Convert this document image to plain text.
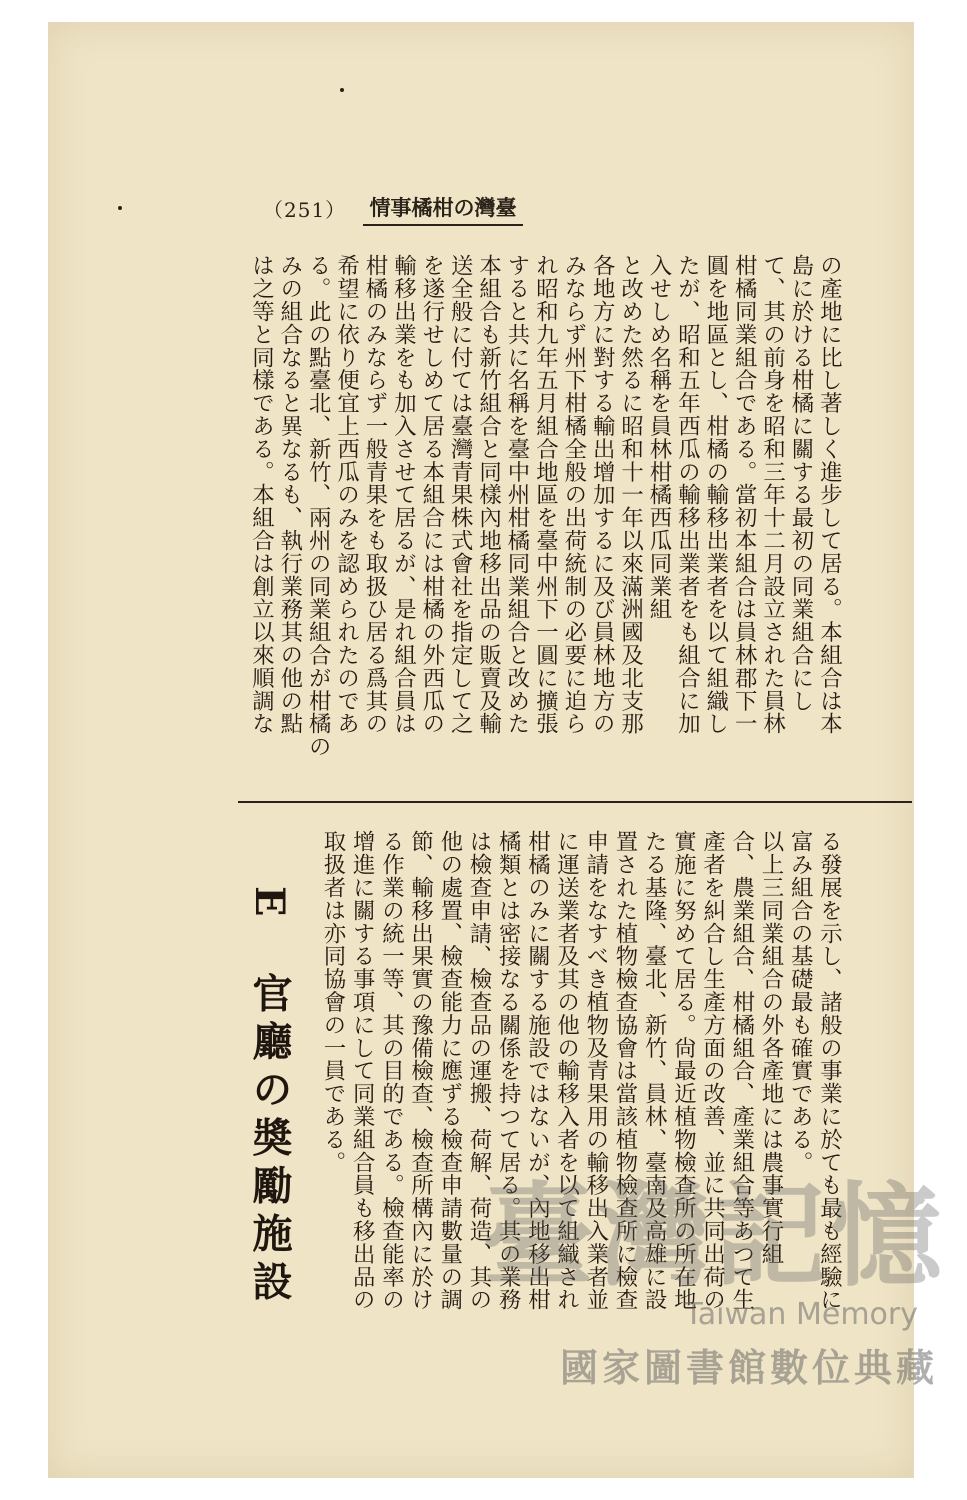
（251）	情事橘柑の灣臺
の產地に比し著しく進步して居る。本組合は本
島に於ける柑橘に關する最初の同業組合にし
て、其の前身を昭和三年十二月設立された員林
柑橘同業組合である。當初本組合は員林郡下一
圓を地區とし、柑橘の輸移出業者を以て組織し
たが、昭和五年西瓜の輸移出業者をも組合に加
入せしめ名稱を員林柑橘西瓜同業組
と改めた然るに昭和十一年以來滿洲國及北支那
各地方に對する輸出增加するに及び員林地方の
みならず州下柑橘全般の出荷統制の必要に迫ら
れ昭和九年五月組合地區を臺中州下一圓に擴張
すると共に名稱を臺中州柑橘同業組合と改めた
本組合も新竹組合と同樣內地移出品の販賣及輸
送全般に付ては臺灣青果株式會社を指定して之
を遂行せしめて居る本組合には柑橘の外西瓜の
輸移出業をも加入させて居るが、是れ組合員は
柑橘のみならず一般青果をも取扱ひ居る爲其の
希望に依り便宜上西瓜のみを認められたのであ
る。此の點臺北、新竹、兩州の同業組合が柑橘の
みの組合なると異なるも、執行業務其の他の點
は之等と同樣である。本組合は創立以來順調な
る發展を示し、諸般の事業に於ても最も經驗に
富み組合の基礎最も確實である。
以上三同業組合の外各產地には農事實行組
合、農業組合、柑橘組合、產業組合等あつて生
產者を糾合し生產方面の改善、並に共同出荷の
實施に努めて居る。尙最近植物檢查所の所在地
たる基隆、臺北、新竹、員林、臺南及高雄に設
置された植物檢查協會は當該植物檢查所に檢查
申請をなすべき植物及青果用の輸移出入業者並
に運送業者及其の他の輸移入者を以て組織され
柑橘のみに關する施設ではないが、內地移出柑
橘類とは密接なる關係を持つて居る。其の業務
は檢查申請、檢查品の運搬、荷解、荷造、其の
他の處置、檢查能力に應ずる檢查申請數量の調
節、輸移出果實の豫備檢查、檢查所構內に於け
る作業の統一等、其の目的である。檢查能率の
增進に關する事項にして同業組合員も移出品の
取扱者は亦同協會の一員である。
E　官廳の奬勵施設 臺灣記憶
Taiwan Memory
國家圖書館數位典藏
